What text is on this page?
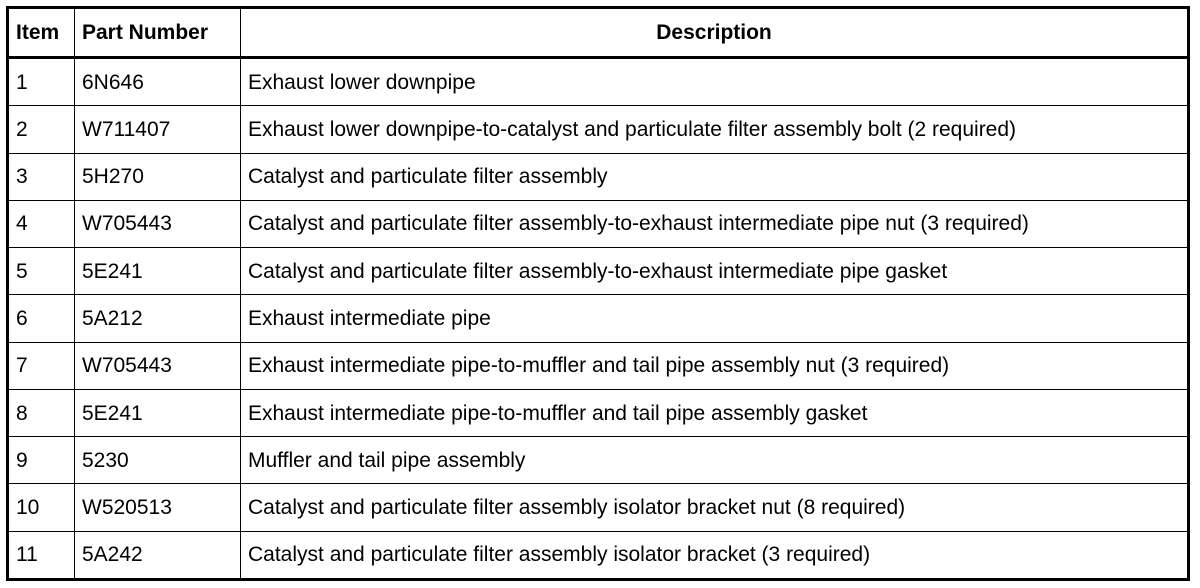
Item	Part Number	Description
1	6N646	Exhaust lower downpipe
2	W711407	Exhaust lower downpipe-to-catalyst and particulate filter assembly bolt (2 required)
3	5H270	Catalyst and particulate filter assembly
4	W705443	Catalyst and particulate filter assembly-to-exhaust intermediate pipe nut (3 required)
5	5E241	Catalyst and particulate filter assembly-to-exhaust intermediate pipe gasket
6	5A212	Exhaust intermediate pipe
7	W705443	Exhaust intermediate pipe-to-muffler and tail pipe assembly nut (3 required)
8	5E241	Exhaust intermediate pipe-to-muffler and tail pipe assembly gasket
9	5230	Muffler and tail pipe assembly
10	W520513	Catalyst and particulate filter assembly isolator bracket nut (8 required)
11	5A242	Catalyst and particulate filter assembly isolator bracket (3 required)
